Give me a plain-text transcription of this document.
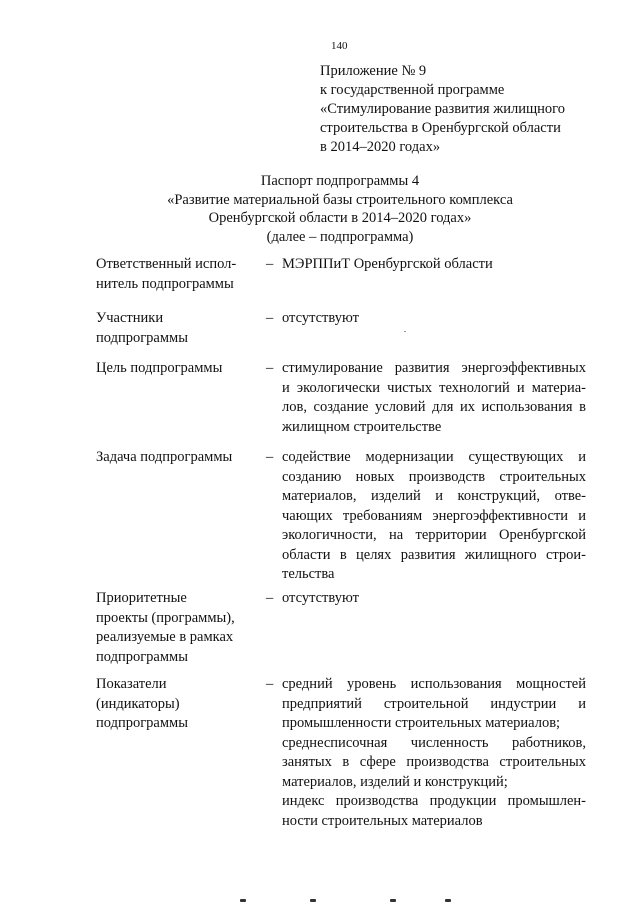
140
Приложение № 9
к государственной программе
«Стимулирование развития жилищного
строительства в Оренбургской области
в 2014–2020 годах»
Паспорт подпрограммы 4
«Развитие материальной базы строительного комплекса
Оренбургской области в 2014–2020 годах»
(далее – подпрограмма)
Ответственный испол-
нитель подпрограммы
– МЭРППиТ Оренбургской области
Участники
подпрограммы
– отсутствуют
Цель подпрограммы	– стимулирование развития энергоэффективных
и экологически чистых технологий и материа-
лов, создание условий для их использования в
жилищном строительстве
Задача подпрограммы	– содействие модернизации существующих и
созданию новых производств строительных
материалов, изделий и конструкций, отве-
чающих требованиям энергоэффективности и
экологичности, на территории Оренбургской
области в целях развития жилищного строи-
тельства
Приоритетные
проекты (программы),
реализуемые в рамках
подпрограммы
– отсутствуют
Показатели
(индикаторы)
подпрограммы
– средний уровень использования мощностей
предприятий строительной индустрии и
промышленности строительных материалов;
среднесписочная численность работников,
занятых в сфере производства строительных
материалов, изделий и конструкций;
индекс производства продукции промышлен-
ности строительных материалов
